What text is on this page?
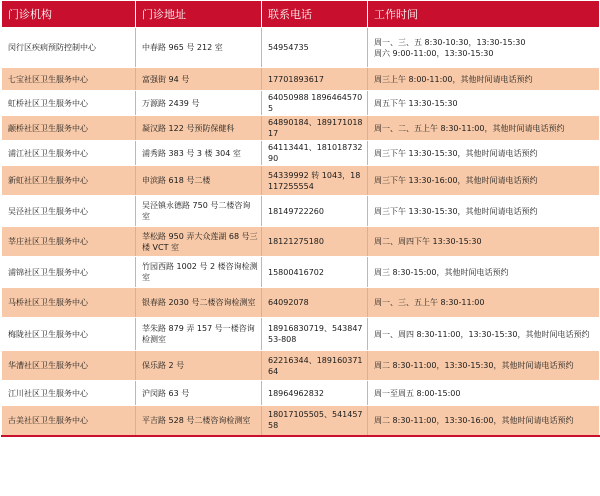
门诊机构	门诊地址	联系电话	工作时间
闵行区疾病预防控制中心	中春路 965 号 212 室	54954735	周一、三、五 8:30-10:30，13:30-15:30
周六 9:00-11:00，13:30-15:30
七宝社区卫生服务中心	富强街 94 号	17701893617	周三上午 8:00-11:00，其他时间请电话预约
虹桥社区卫生服务中心	万源路 2439 号	64050988 18964645705	周五下午 13:30-15:30
颛桥社区卫生服务中心	凝汉路 122 号预防保健科	64890184、18917101817	周一、二、五上午 8:30-11:00，其他时间请电话预约
浦江社区卫生服务中心	浦秀路 383 号 3 楼 304 室	64113441、18101873290	周三下午 13:30-15:30，其他时间请电话预约
新虹社区卫生服务中心	申滨路 618 号二楼	54339992 转 1043，18117255554	周三下午 13:30-16:00，其他时间请电话预约
吴泾社区卫生服务中心	吴泾镇永德路 750 号二楼咨询室	18149722260	周三下午 13:30-15:30，其他时间请电话预约
莘庄社区卫生服务中心	莘松路 950 弄大众莲湖 68 号三楼 VCT 室	18121275180	周二、周四下午 13:30-15:30
浦锦社区卫生服务中心	竹园西路 1002 号 2 楼咨询检测室	15800416702	周三 8:30-15:00，其他时间电话预约
马桥社区卫生服务中心	银春路 2030 号二楼咨询检测室	64092078	周一、三、五上午 8:30-11:00
梅陇社区卫生服务中心	莘朱路 879 弄 157 号一楼咨询检测室	18916830719、54384753-808	周一、周四 8:30-11:00，13:30-15:30，其他时间电话预约
华漕社区卫生服务中心	保乐路 2 号	62216344、18916037164	周二 8:30-11:00，13:30-15:30，其他时间请电话预约
江川社区卫生服务中心	沪闵路 63 号	18964962832	周一至周五 8:00-15:00
古美社区卫生服务中心	平吉路 528 号二楼咨询检测室	18017105505、54145758	周二 8:30-11:00，13:30-16:00，其他时间请电话预约
